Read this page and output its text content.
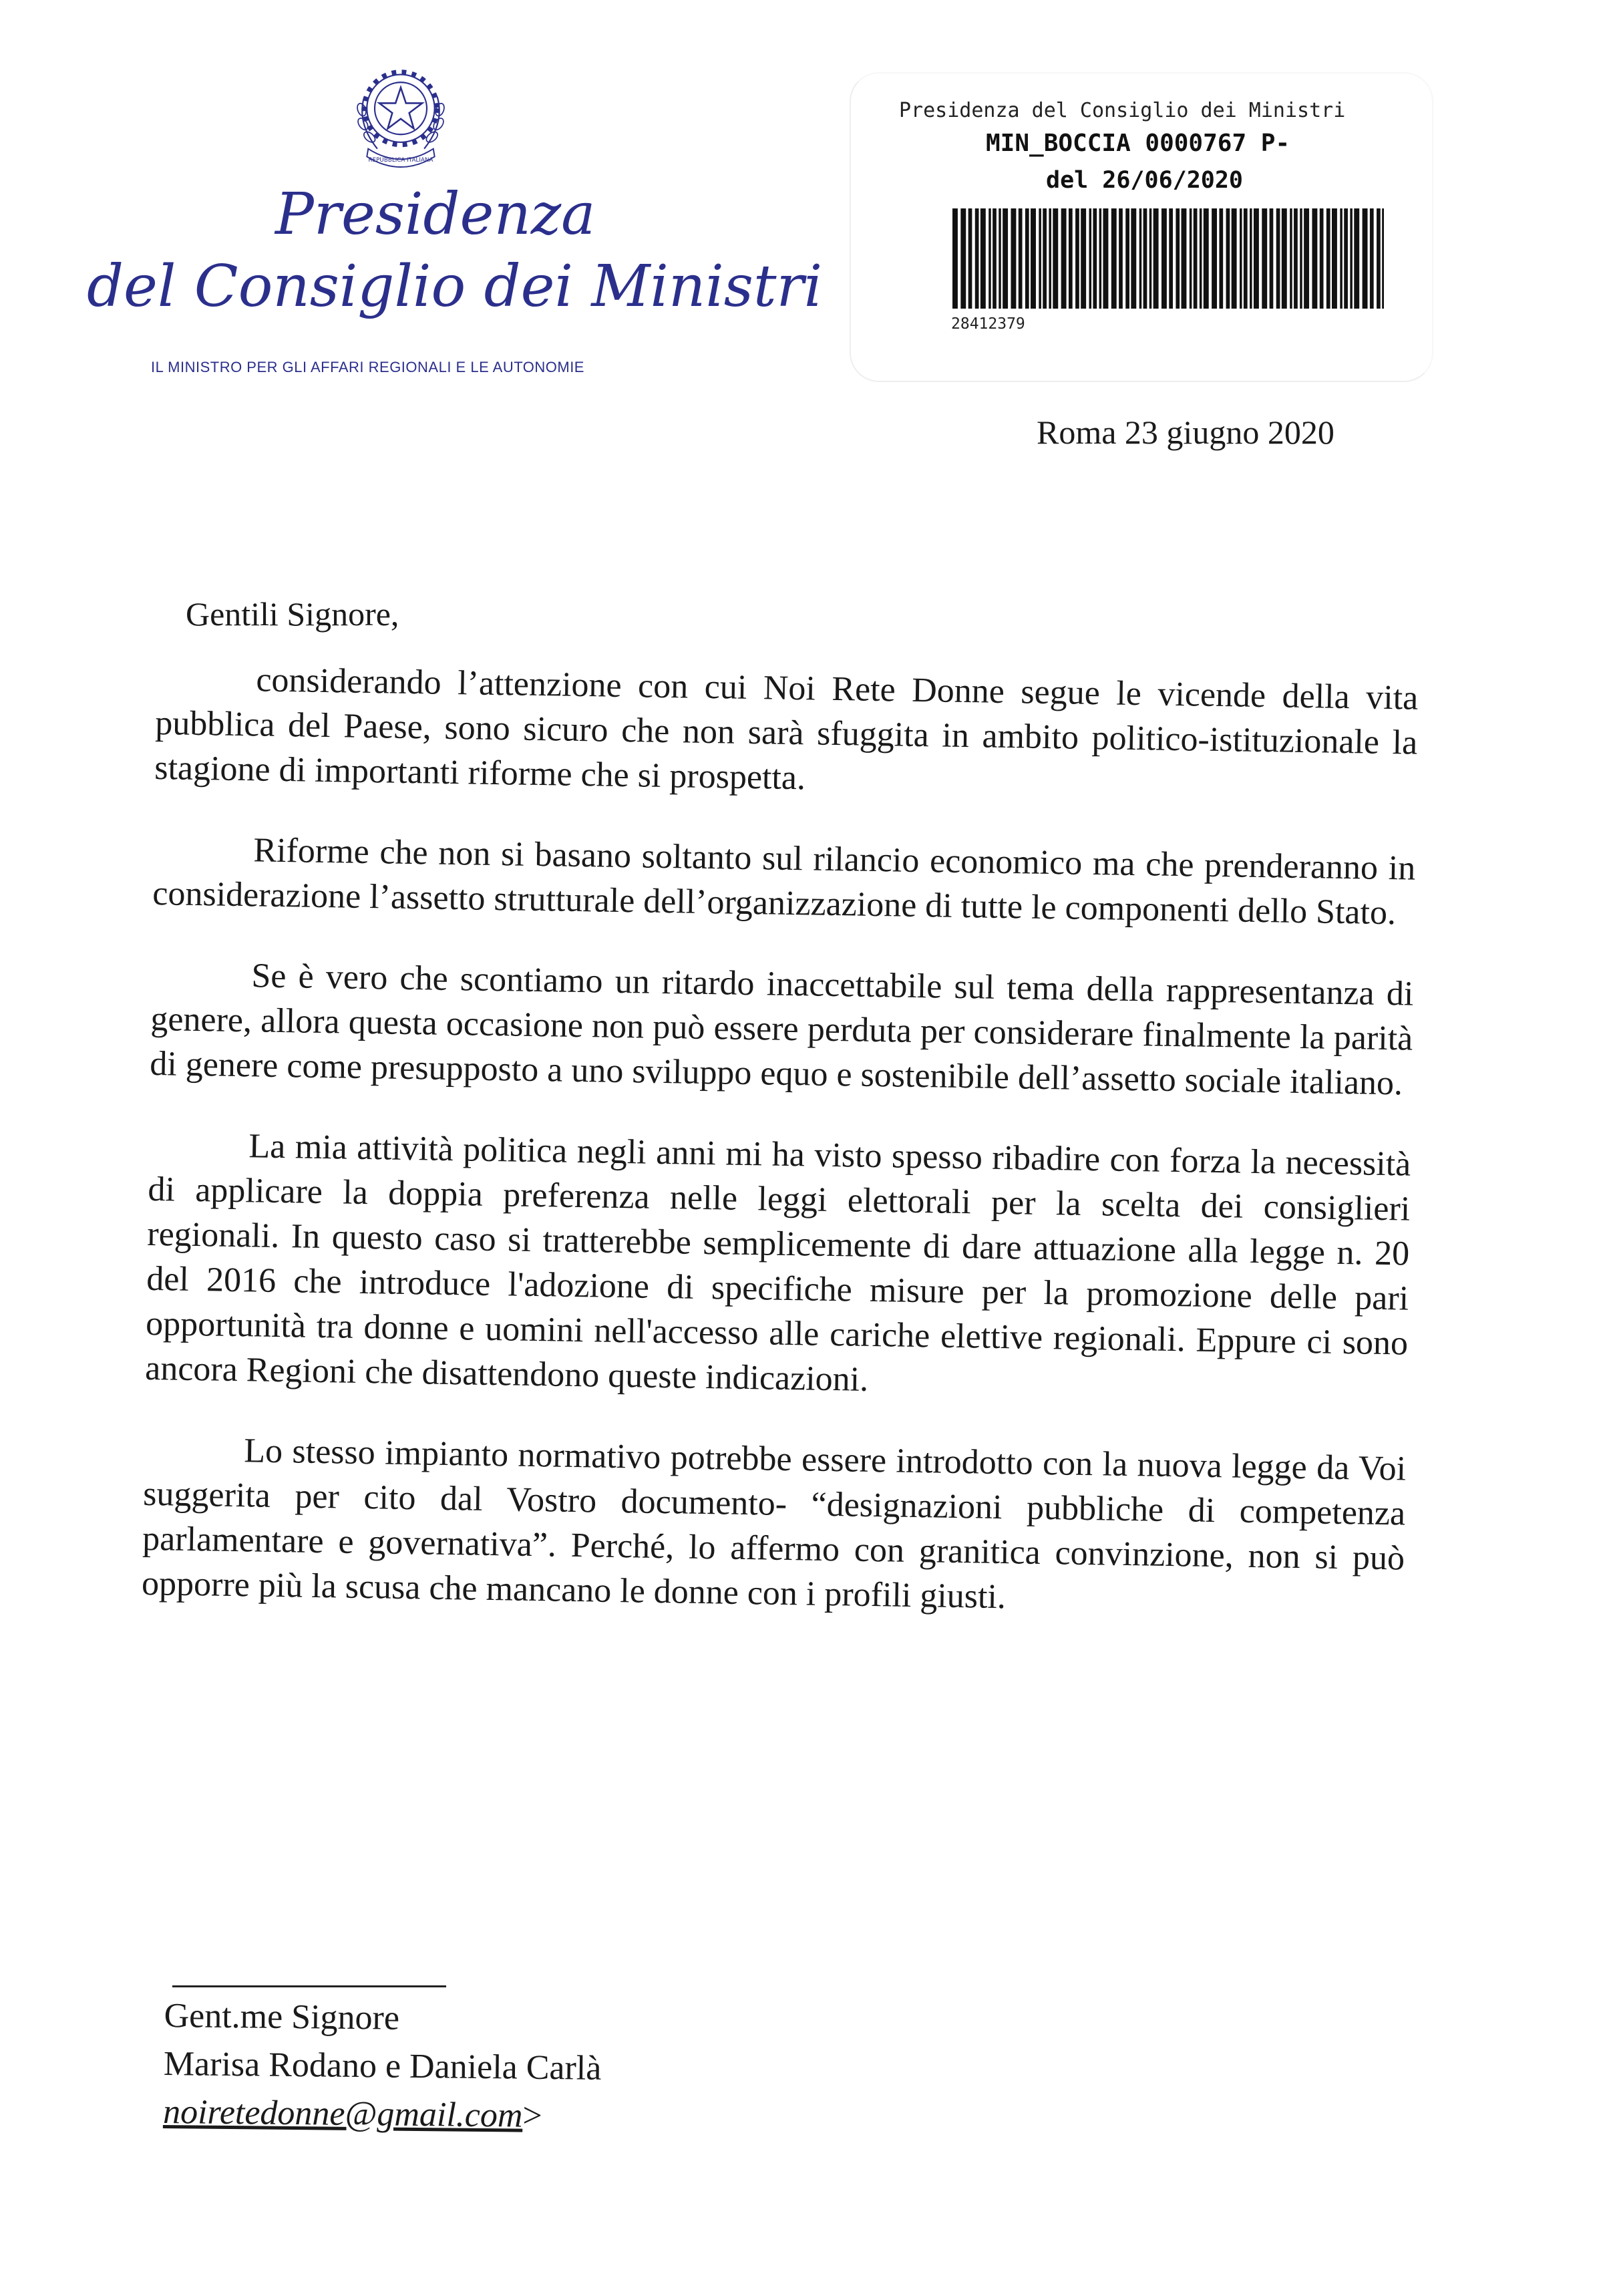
REPUBBLICA ITALIANA
Presidenza
del Consiglio dei Ministri
IL MINISTRO PER GLI AFFARI REGIONALI E LE AUTONOMIE
Presidenza del Consiglio dei Ministri
MIN_BOCCIA 0000767 P-
del 26/06/2020
28412379
Roma 23 giugno 2020
Gentili Signore,

considerando l’attenzione con cui Noi Rete Donne segue le vicende della vita pubblica del Paese, sono sicuro che non sarà sfuggita in ambito politico-istituzionale la stagione di importanti riforme che si prospetta.

Riforme che non si basano soltanto sul rilancio economico ma che prenderanno in considerazione l’assetto strutturale dell’organizzazione di tutte le componenti dello Stato.

Se è vero che scontiamo un ritardo inaccettabile sul tema della rappresentanza di genere, allora questa occasione non può essere perduta per considerare finalmente la parità di genere come presupposto a uno sviluppo equo e sostenibile dell’assetto sociale italiano.

La mia attività politica negli anni mi ha visto spesso ribadire con forza la necessità di applicare la doppia preferenza nelle leggi elettorali per la scelta dei consiglieri regionali. In questo caso si tratterebbe semplicemente di dare attuazione alla legge n. 20 del 2016 che introduce l'adozione di specifiche misure per la promozione delle pari opportunità tra donne e uomini nell'accesso alle cariche elettive regionali. Eppure ci sono ancora Regioni che disattendono queste indicazioni.

Lo stesso impianto normativo potrebbe essere introdotto con la nuova legge da Voi suggerita per cito dal Vostro documento- “designazioni pubbliche di competenza parlamentare e governativa”. Perché, lo affermo con granitica convinzione, non si può opporre più la scusa che mancano le donne con i profili giusti.

Gent.me Signore
Marisa Rodano e Daniela Carlà
noiretedonne@gmail.com>
